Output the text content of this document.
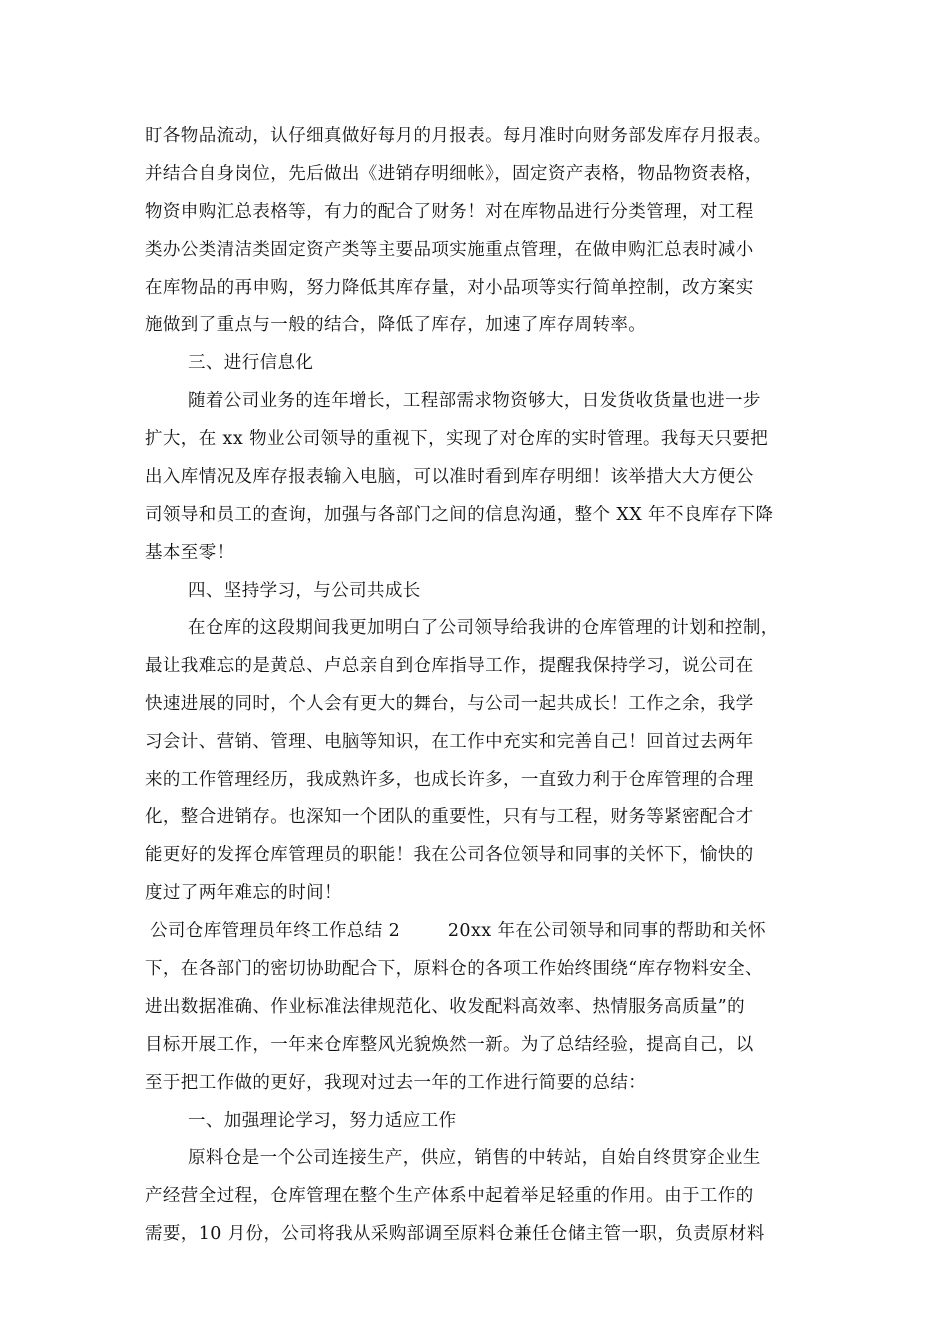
盯各物品流动，认仔细真做好每月的月报表。每月准时向财务部发库存月报表。
并结合自身岗位，先后做出《进销存明细帐》，固定资产表格，物品物资表格，
物资申购汇总表格等，有力的配合了财务！对在库物品进行分类管理，对工程
类办公类清洁类固定资产类等主要品项实施重点管理，在做申购汇总表时减小
在库物品的再申购，努力降低其库存量，对小品项等实行简单控制，改方案实
施做到了重点与一般的结合，降低了库存，加速了库存周转率。
三、进行信息化
随着公司业务的连年增长，工程部需求物资够大，日发货收货量也进一步
扩大，在 xx 物业公司领导的重视下，实现了对仓库的实时管理。我每天只要把
出入库情况及库存报表输入电脑，可以准时看到库存明细！该举措大大方便公
司领导和员工的查询，加强与各部门之间的信息沟通，整个 XX 年不良库存下降
基本至零！
四、坚持学习，与公司共成长
在仓库的这段期间我更加明白了公司领导给我讲的仓库管理的计划和控制，
最让我难忘的是黄总、卢总亲自到仓库指导工作，提醒我保持学习，说公司在
快速进展的同时，个人会有更大的舞台，与公司一起共成长！工作之余，我学
习会计、营销、管理、电脑等知识，在工作中充实和完善自己！回首过去两年
来的工作管理经历，我成熟许多，也成长许多，一直致力利于仓库管理的合理
化，整合进销存。也深知一个团队的重要性，只有与工程，财务等紧密配合才
能更好的发挥仓库管理员的职能！我在公司各位领导和同事的关怀下，愉快的
度过了两年难忘的时间！
公司仓库管理员年终工作总结 2        20xx 年在公司领导和同事的帮助和关怀
下，在各部门的密切协助配合下，原料仓的各项工作始终围绕“库存物料安全、
进出数据准确、作业标准法律规范化、收发配料高效率、热情服务高质量”的
目标开展工作，一年来仓库整风光貌焕然一新。为了总结经验，提高自己，以
至于把工作做的更好，我现对过去一年的工作进行简要的总结：
一、加强理论学习，努力适应工作
原料仓是一个公司连接生产，供应，销售的中转站，自始自终贯穿企业生
产经营全过程，仓库管理在整个生产体系中起着举足轻重的作用。由于工作的
需要，10 月份，公司将我从采购部调至原料仓兼任仓储主管一职，负责原材料
